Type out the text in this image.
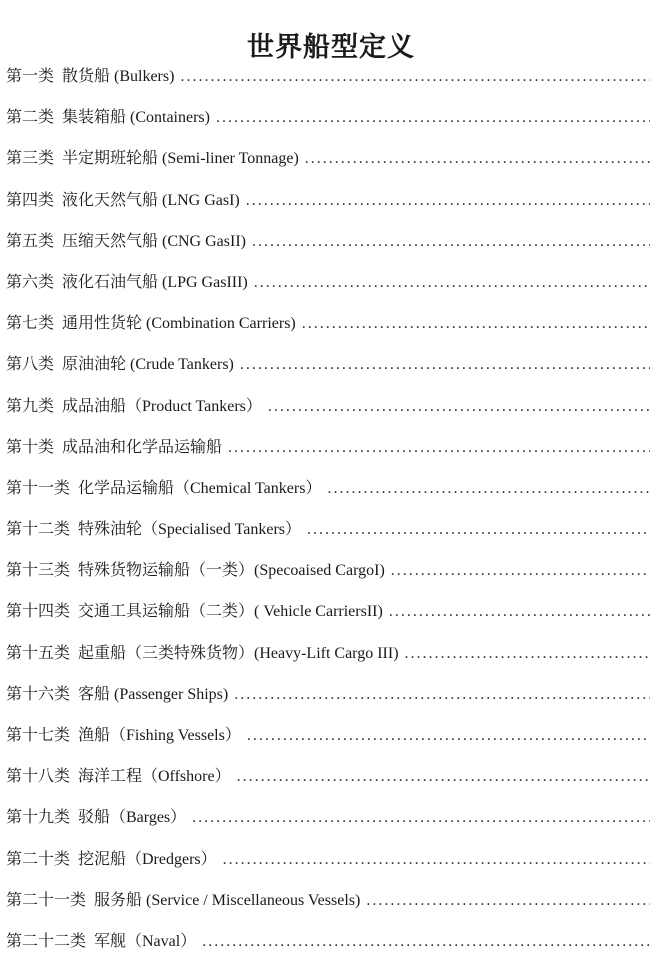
世界船型定义
第一类  散货船 (Bulkers)
.....
第二类  集装箱船 (Containers)
.....
第三类  半定期班轮船 (Semi-liner Tonnage)
.....
第四类  液化天然气船 (LNG GasI)
.....
第五类  压缩天然气船 (CNG GasII)
.....
第六类  液化石油气船 (LPG GasIII)
.....
第七类  通用性货轮 (Combination Carriers)
.....
第八类  原油油轮 (Crude Tankers)
.....
第九类  成品油船（Product Tankers）
.....
第十类  成品油和化学品运输船
.....
第十一类  化学品运输船（Chemical Tankers）
.....
第十二类  特殊油轮（Specialised Tankers）
.....
第十三类  特殊货物运输船（一类）(Specoaised CargoI)
.....
第十四类  交通工具运输船（二类）( Vehicle CarriersII)
.....
第十五类  起重船（三类特殊货物）(Heavy-Lift Cargo III)
.....
第十六类  客船 (Passenger Ships)
.....
第十七类  渔船（Fishing Vessels）
.....
第十八类  海洋工程（Offshore）
.....
第十九类  驳船（Barges）
.....
第二十类  挖泥船（Dredgers）
.....
第二十一类  服务船 (Service / Miscellaneous Vessels)
.....
第二十二类  军舰（Naval）
.....
